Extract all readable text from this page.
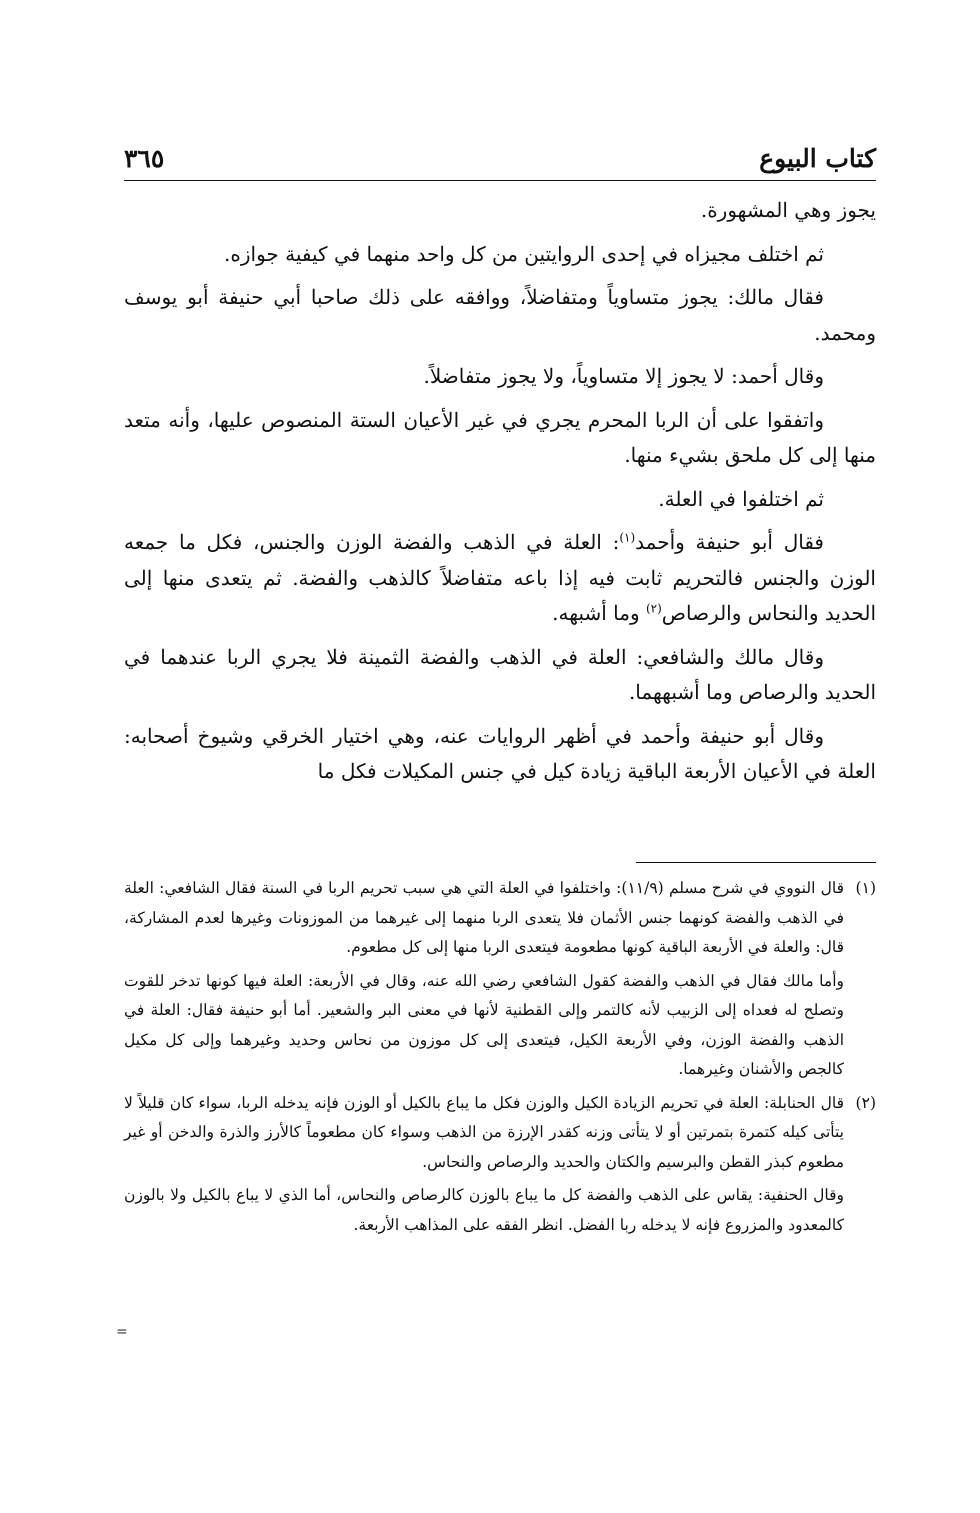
كتاب البيوع
٣٦٥

يجوز وهي المشهورة.

ثم اختلف مجيزاه في إحدى الروايتين من كل واحد منهما في كيفية جوازه.

فقال مالك: يجوز متساوياً ومتفاضلاً، ووافقه على ذلك صاحبا أبي حنيفة أبو يوسف ومحمد.

وقال أحمد: لا يجوز إلا متساوياً، ولا يجوز متفاضلاً.

واتفقوا على أن الربا المحرم يجري في غير الأعيان الستة المنصوص عليها، وأنه متعد منها إلى كل ملحق بشيء منها.

ثم اختلفوا في العلة.

فقال أبو حنيفة وأحمد$^{(١)}$: العلة في الذهب والفضة الوزن والجنس، فكل ما جمعه الوزن والجنس فالتحريم ثابت فيه إذا باعه متفاضلاً كالذهب والفضة. ثم يتعدى منها إلى الحديد والنحاس والرصاص$^{(٢)}$ وما أشبهه.

وقال مالك والشافعي: العلة في الذهب والفضة الثمينة فلا يجري الربا عندهما في الحديد والرصاص وما أشبههما.

وقال أبو حنيفة وأحمد في أظهر الروايات عنه، وهي اختيار الخرقي وشيوخ أصحابه: العلة في الأعيان الأربعة الباقية زيادة كيل في جنس المكيلات فكل ما

(١)

قال النووي في شرح مسلم (١١/٩): واختلفوا في العلة التي هي سبب تحريم الربا في السنة فقال الشافعي: العلة في الذهب والفضة كونهما جنس الأثمان فلا يتعدى الربا منهما إلى غيرهما من الموزونات وغيرها لعدم المشاركة، قال: والعلة في الأربعة الباقية كونها مطعومة فيتعدى الربا منها إلى كل مطعوم.

وأما مالك فقال في الذهب والفضة كقول الشافعي رضي الله عنه، وقال في الأربعة: العلة فيها كونها تدخر للقوت وتصلح له فعداه إلى الزبيب لأنه كالتمر وإلى القطنية لأنها في معنى البر والشعير. أما أبو حنيفة فقال: العلة في الذهب والفضة الوزن، وفي الأربعة الكيل، فيتعدى إلى كل موزون من نحاس وحديد وغيرهما وإلى كل مكيل كالجص والأشنان وغيرهما.

(٢)

قال الحنابلة: العلة في تحريم الزيادة الكيل والوزن فكل ما يباع بالكيل أو الوزن فإنه يدخله الربا، سواء كان قليلاً لا يتأتى كيله كتمرة بتمرتين أو لا يتأتى وزنه كقدر الإرزة من الذهب وسواء كان مطعوماً كالأرز والذرة والدخن أو غير مطعوم كبذر القطن والبرسيم والكتان والحديد والرصاص والنحاس.

وقال الحنفية: يقاس على الذهب والفضة كل ما يباع بالوزن كالرصاص والنحاس، أما الذي لا يباع بالكيل ولا بالوزن كالمعدود والمزروع فإنه لا يدخله ربا الفضل. انظر الفقه على المذاهب الأربعة.

=
